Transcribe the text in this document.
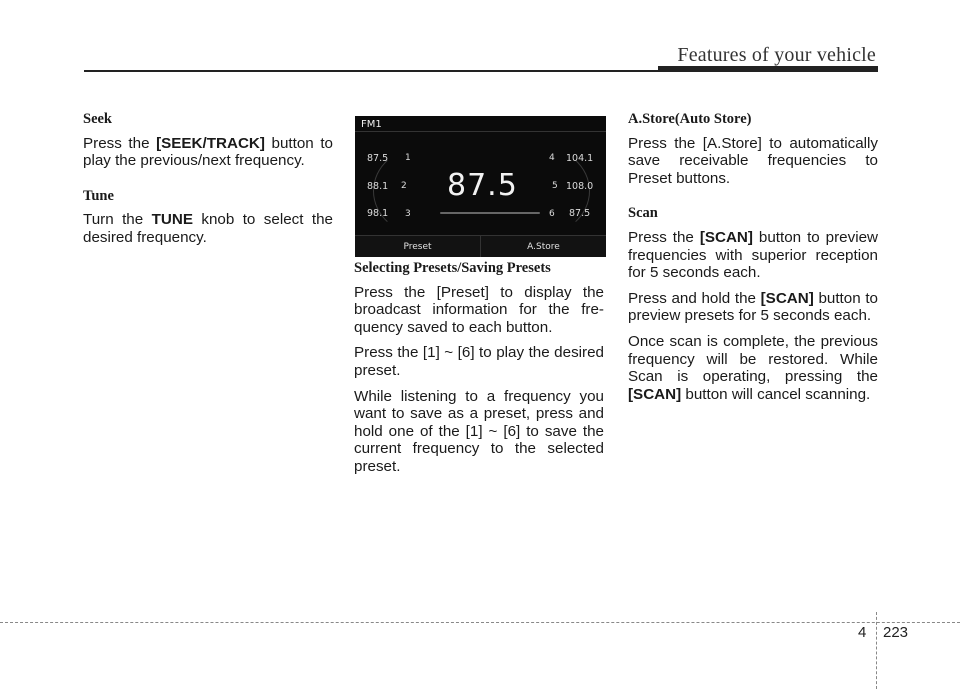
Features of your vehicle
Seek

Press the [SEEK/TRACK] button to play the previous/next frequency.

Tune

Turn the TUNE knob to select the desired frequency.

FM1
87.5 1
88.1 2
98.1 3
4 104.1
5 108.0
6 87.5
87.5
Preset	A.Store
Selecting Presets/Saving Presets

Press the [Preset] to display the broadcast information for the fre-quency saved to each button.

Press the [1] ~ [6] to play the desired preset.

While listening to a frequency you want to save as a preset, press and hold one of the [1] ~ [6] to save the current frequency to the selected preset.

A.Store(Auto Store)

Press the [A.Store] to automatically save receivable frequencies to Preset buttons.

Scan

Press the [SCAN] button to preview frequencies with superior reception for 5 seconds each.

Press and hold the [SCAN] button to preview presets for 5 seconds each.

Once scan is complete, the previous frequency will be restored. While Scan is operating, pressing the [SCAN] button will cancel scanning.

4 223
